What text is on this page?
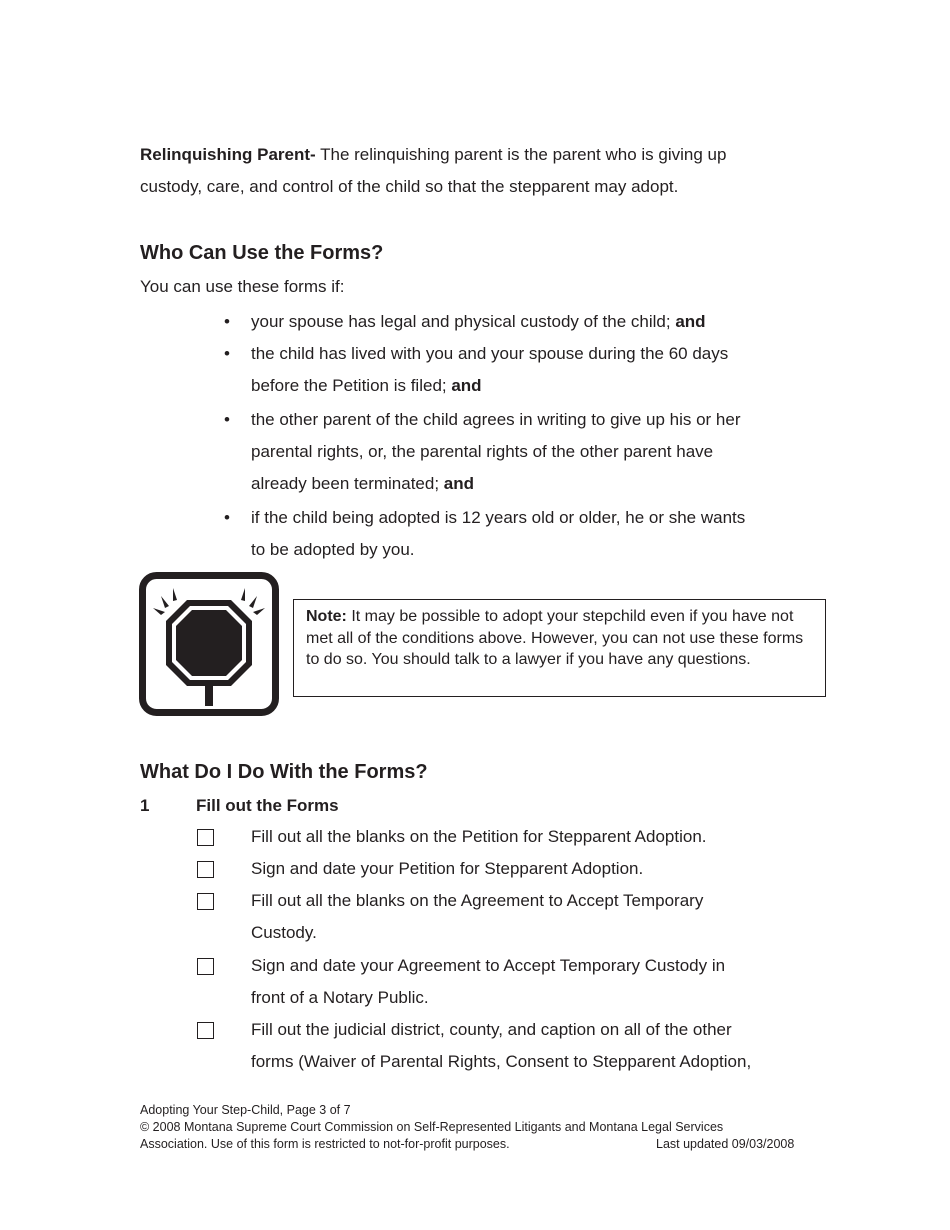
Relinquishing Parent- The relinquishing parent is the parent who is giving up
custody, care, and control of the child so that the stepparent may adopt.
Who Can Use the Forms?
You can use these forms if:
•	your spouse has legal and physical custody of the child; and
•	the child has lived with you and your spouse during the 60 days
before the Petition is filed; and
•	the other parent of the child agrees in writing to give up his or her
parental rights, or, the parental rights of the other parent have
already been terminated; and
•	if the child being adopted is 12 years old or older, he or she wants
to be adopted by you.
Note: It may be possible to adopt your stepchild even if you have not met all of the conditions above. However, you can not use these forms to do so. You should talk to a lawyer if you have any questions.
What Do I Do With the Forms?
1	Fill out the Forms
Fill out all the blanks on the Petition for Stepparent Adoption.
Sign and date your Petition for Stepparent Adoption.
Fill out all the blanks on the Agreement to Accept Temporary
Custody.
Sign and date your Agreement to Accept Temporary Custody in
front of a Notary Public.
Fill out the judicial district, county, and caption on all of the other
forms (Waiver of Parental Rights, Consent to Stepparent Adoption,
Adopting Your Step-Child, Page 3 of 7
© 2008 Montana Supreme Court Commission on Self-Represented Litigants and Montana Legal Services
Association. Use of this form is restricted to not-for-profit purposes.	Last updated 09/03/2008
